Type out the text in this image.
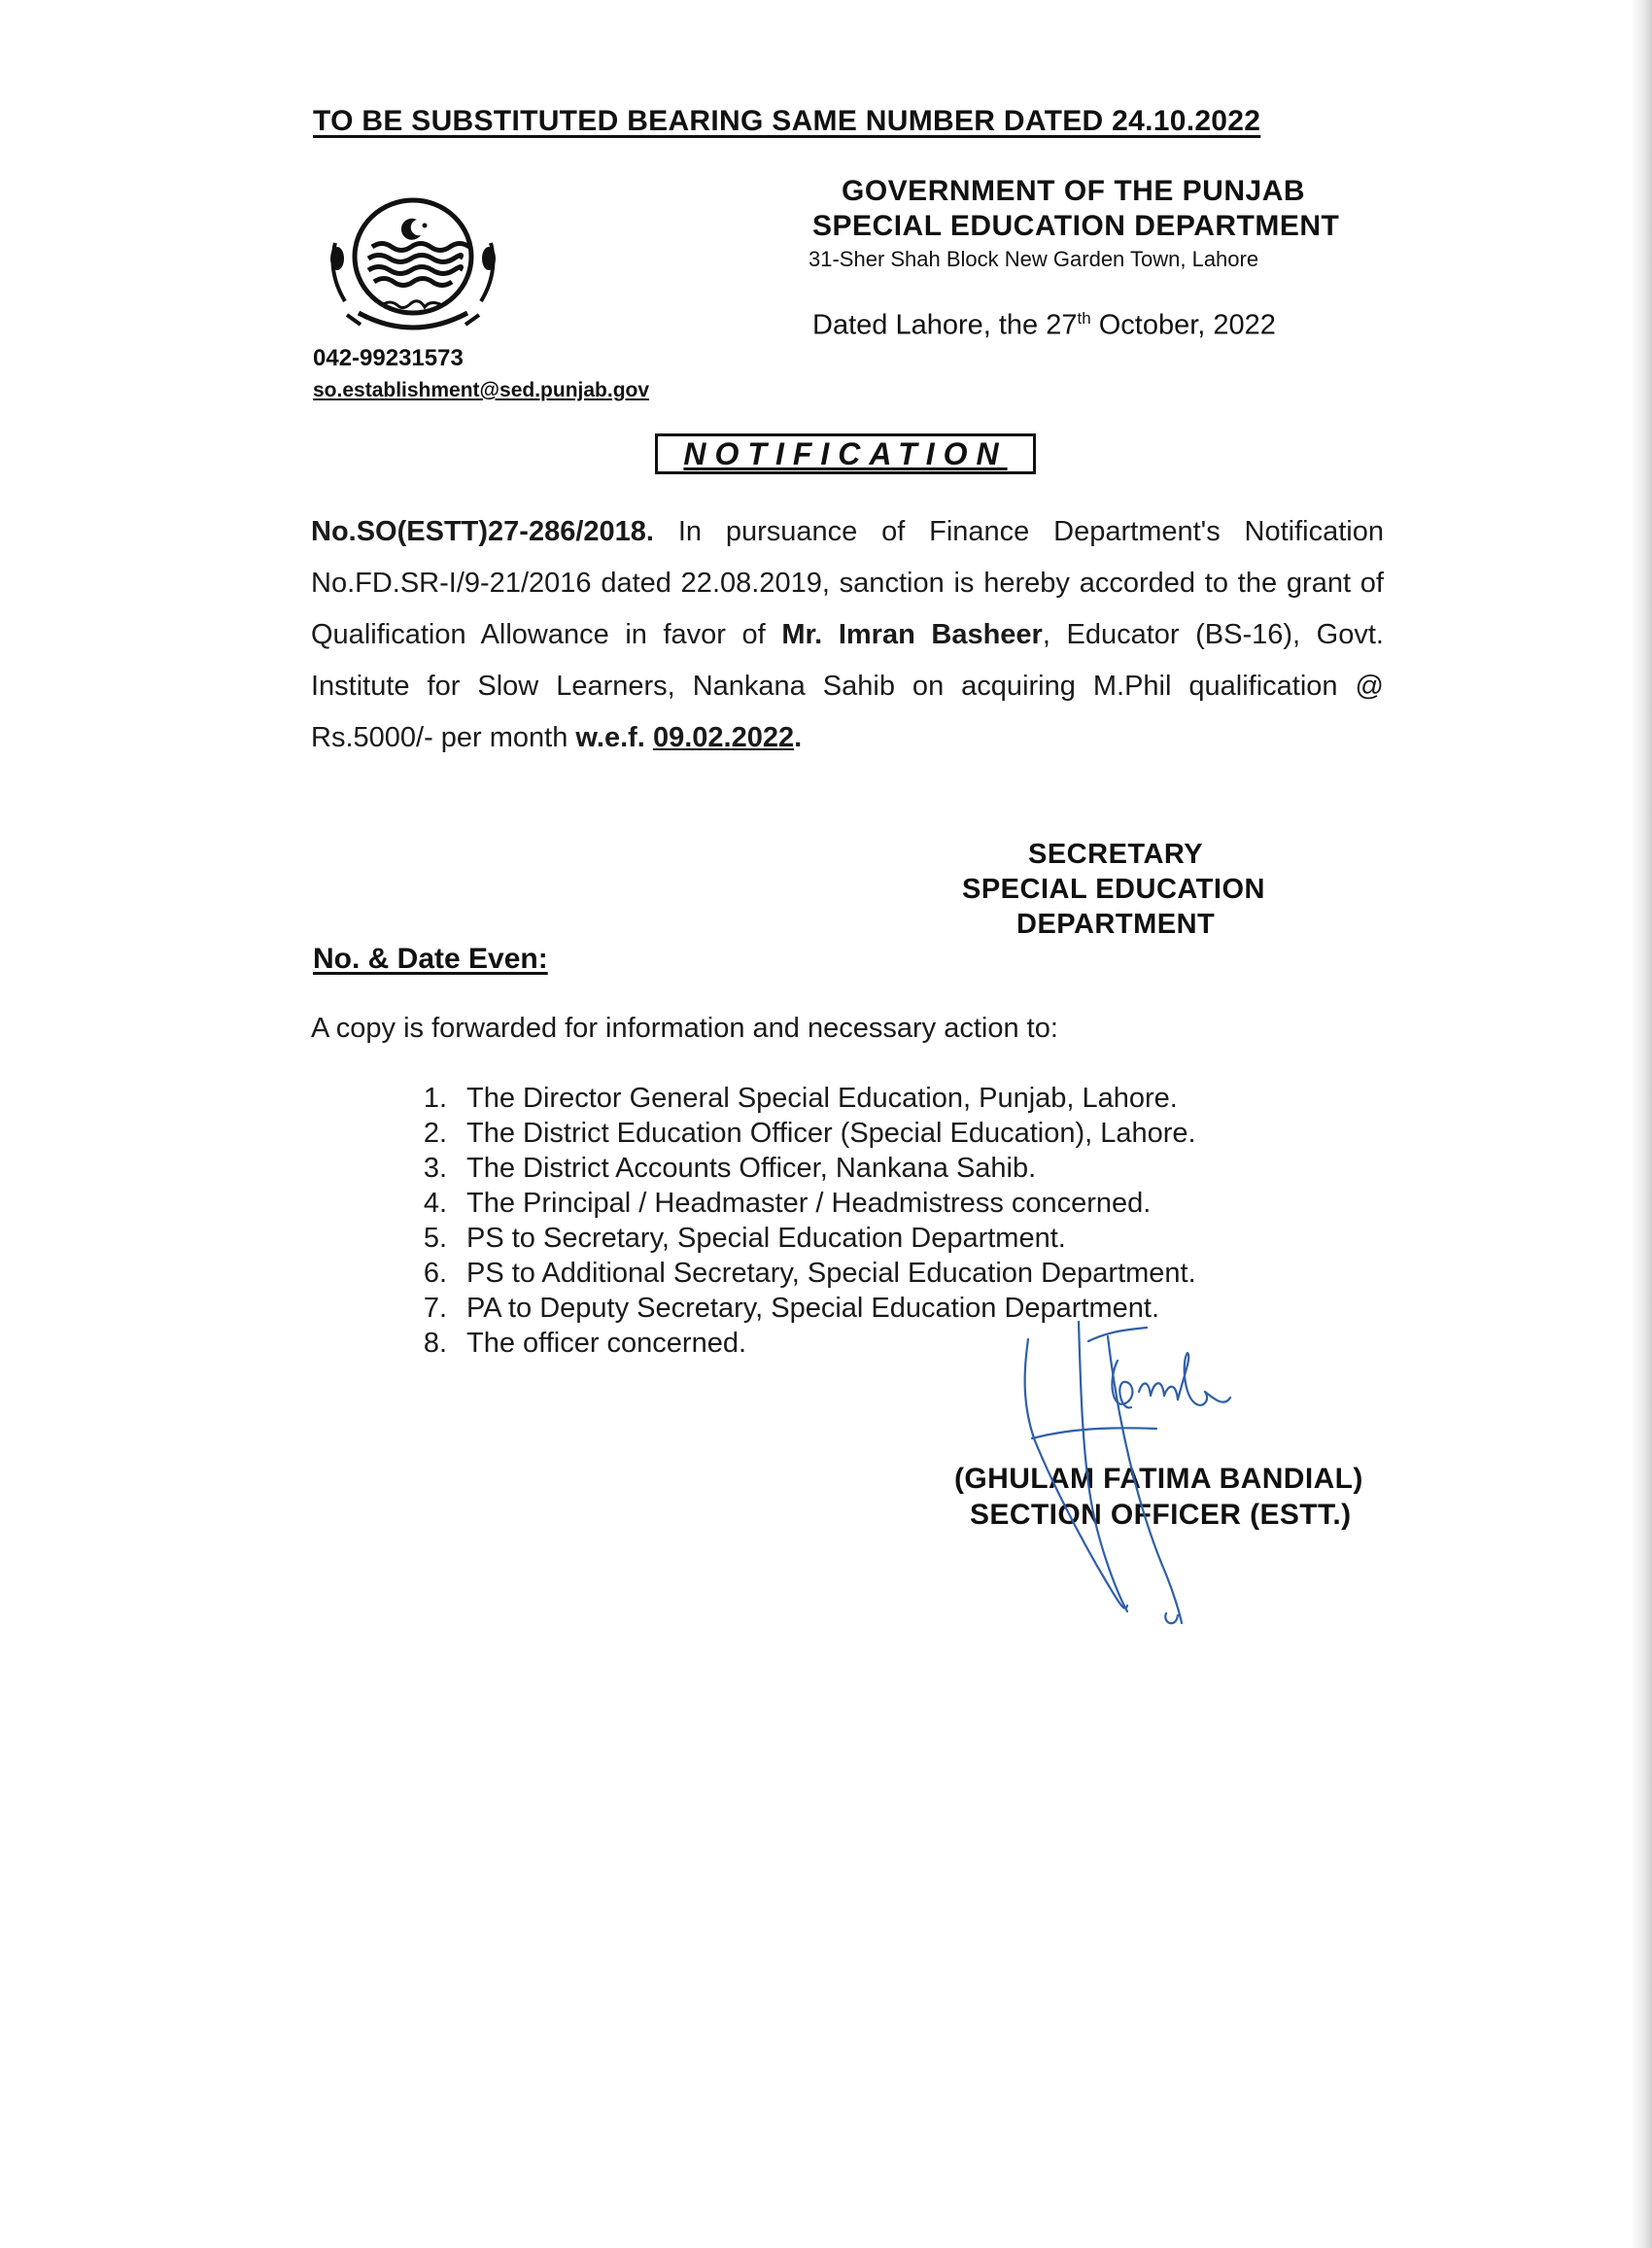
TO BE SUBSTITUTED BEARING SAME NUMBER DATED 24.10.2022
GOVERNMENT OF THE PUNJAB
SPECIAL EDUCATION DEPARTMENT
31-Sher Shah Block New Garden Town, Lahore
Dated Lahore, the 27th October, 2022
042-99231573
so.establishment@sed.punjab.gov
NOTIFICATION
No.SO(ESTT)27-286/2018. In pursuance of Finance Department's Notification No.FD.SR-I/9-21/2016 dated 22.08.2019, sanction is hereby accorded to the grant of Qualification Allowance in favor of Mr. Imran Basheer, Educator (BS-16), Govt. Institute for Slow Learners, Nankana Sahib on acquiring M.Phil qualification @ Rs.5000/- per month w.e.f. 09.02.2022.
SECRETARY
SPECIAL EDUCATION
DEPARTMENT
No. & Date Even:
A copy is forwarded for information and necessary action to:
1. The Director General Special Education, Punjab, Lahore.
2. The District Education Officer (Special Education), Lahore.
3. The District Accounts Officer, Nankana Sahib.
4. The Principal / Headmaster / Headmistress concerned.
5. PS to Secretary, Special Education Department.
6. PS to Additional Secretary, Special Education Department.
7. PA to Deputy Secretary, Special Education Department.
8. The officer concerned.
(GHULAM FATIMA BANDIAL)
SECTION OFFICER (ESTT.)
